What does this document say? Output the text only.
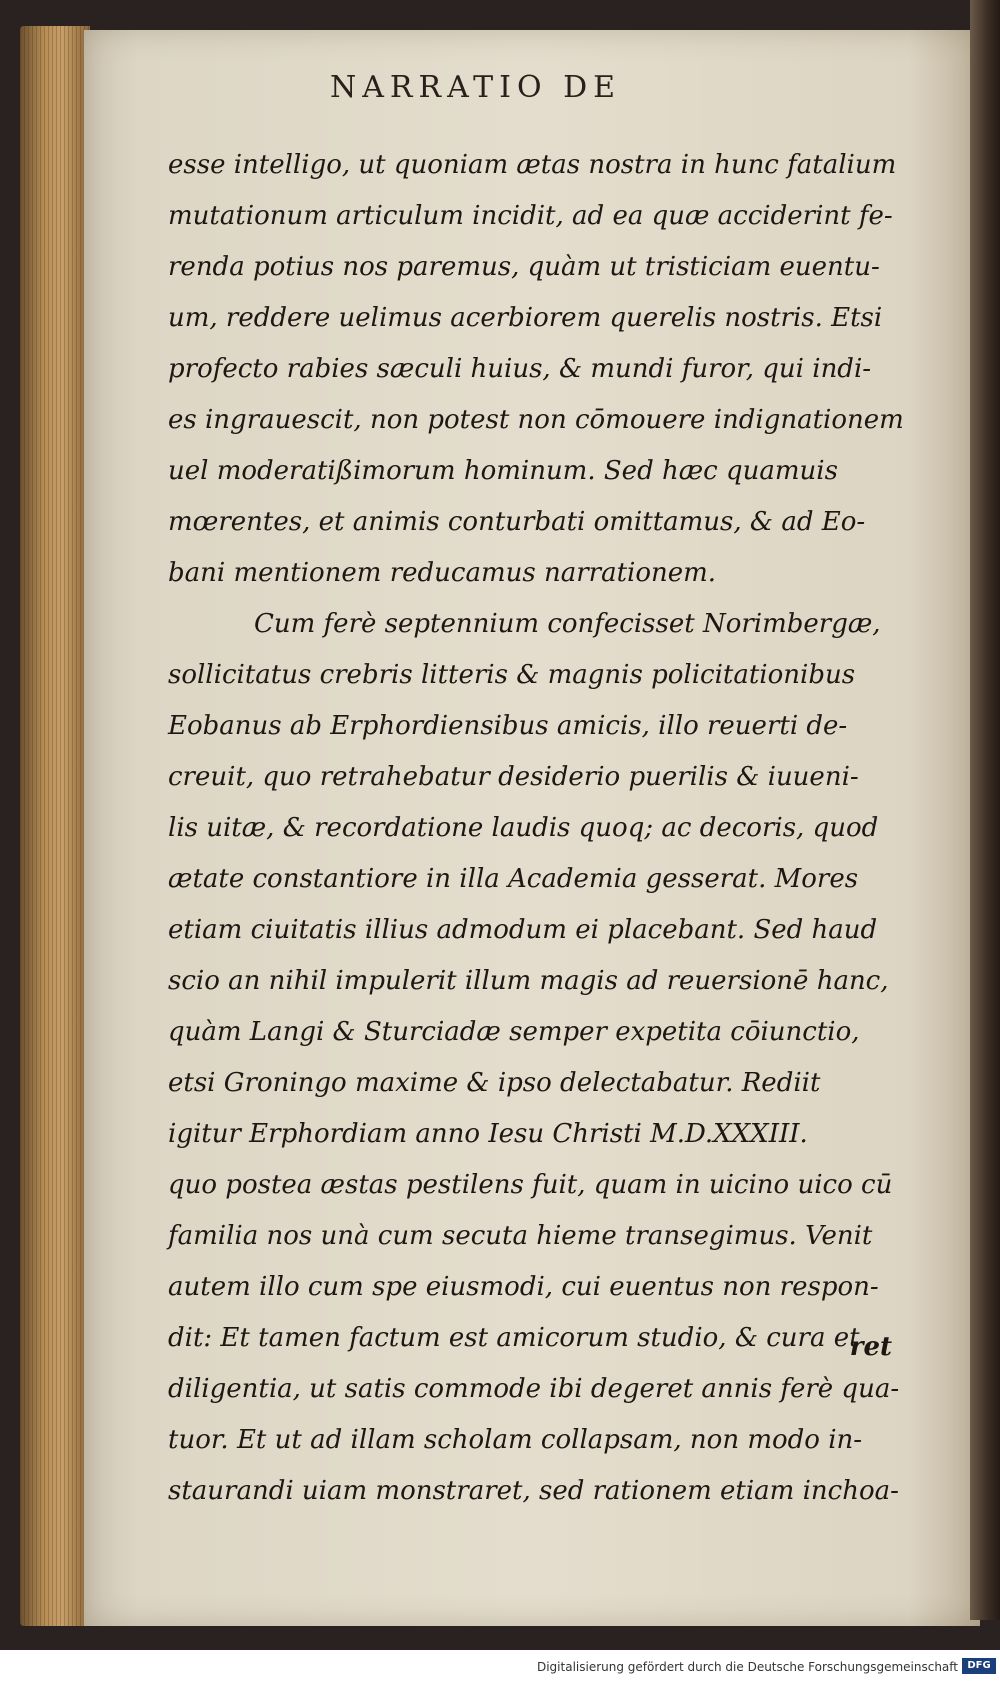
NARRATIO DE
esse intelligo, ut quoniam ætas nostra in hunc fatalium
mutationum articulum incidit, ad ea quæ acciderint fe-
renda potius nos paremus, quàm ut tristiciam euentu-
um, reddere uelimus acerbiorem querelis nostris. Etsi
profecto rabies sæculi huius, & mundi furor, qui indi-
es ingrauescit, non potest non cōmouere indignationem
uel moderatißimorum hominum. Sed hæc quamuis
mœrentes, et animis conturbati omittamus, & ad Eo-
bani mentionem reducamus narrationem.
Cum ferè septennium confecisset Norimbergæ,
sollicitatus crebris litteris & magnis policitationibus
Eobanus ab Erphordiensibus amicis, illo reuerti de-
creuit, quo retrahebatur desiderio puerilis & iuueni-
lis uitæ, & recordatione laudis quoq; ac decoris, quod
ætate constantiore in illa Academia gesserat. Mores
etiam ciuitatis illius admodum ei placebant. Sed haud
scio an nihil impulerit illum magis ad reuersionē hanc,
quàm Langi & Sturciadæ semper expetita cōiunctio,
etsi Groningo maxime & ipso delectabatur. Rediit
igitur Erphordiam anno Iesu Christi M.D.XXXIII.
quo postea æstas pestilens fuit, quam in uicino uico cū
familia nos unà cum secuta hieme transegimus. Venit
autem illo cum spe eiusmodi, cui euentus non respon-
dit: Et tamen factum est amicorum studio, & cura et
diligentia, ut satis commode ibi degeret annis ferè qua-
tuor. Et ut ad illam scholam collapsam, non modo in-
staurandi uiam monstraret, sed rationem etiam inchoa-
ret
Digitalisierung gefördert durch die Deutsche Forschungsgemeinschaft DFG
